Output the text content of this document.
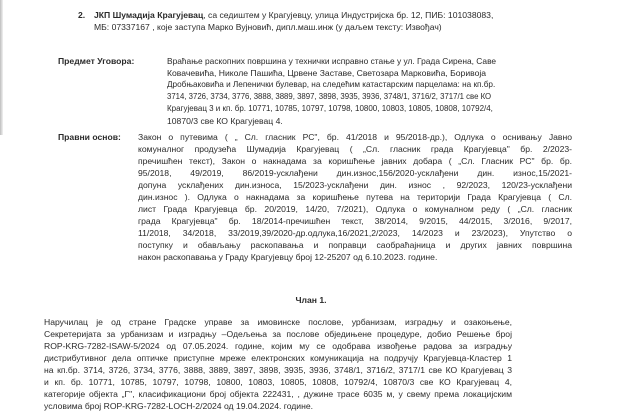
2. ЈКП Шумадија Крагујевац, са седиштем у Крагујевцу, улица Индустријска бр. 12, ПИБ: 101038083,
МБ: 07337167 , које заступа Марко Вујновић, дипл.маш.инж (у даљем тексту: Извођач)
Предмет Уговора:	Враћање раскопних површина у технички исправно стање у ул. Града Сирена, Саве
Ковачевића, Николе Пашића, Црвене Заставе, Светозара Марковића, Боривоја
Дробњаковића и Лепенички булевар, на следећим катастарским парцелама: на кп.бр.
3714, 3726, 3734, 3776, 3888, 3889, 3897, 3898, 3935, 3936, 3748/1, 3716/2, 3717/1 све КО
Крагујевац 3 и кп. бр. 10771, 10785, 10797, 10798, 10800, 10803, 10805, 10808, 10792/4,
10870/3 све КО Крагујевац 4.
Правни основ: Закон о путевима ( „ Сл. гласник РС", бр. 41/2018 и 95/2018-др.), Одлука о оснивању Јавно
комуналног продузећа Шумадија Крагујевац ( „Сл. гласник града Крагујевца" бр. 2/2023-
пречишћен текст), Закон о накнадама за коришћење јавних добара ( „Сл. Гласник РС" бр. бр.
95/2018, 49/2019, 86/2019-усклађени дин.износ,156/2020-усклађени дин. износ,15/2021-
допуна усклађених дин.износа, 15/2023-усклађени дин. износ , 92/2023, 120/23-усклађени
дин.износ ). Одлука о накнадама за коришћење путева на територији Града Крагујевца ( Сл.
лист Града Крагујевца бр. 20/2019, 14/20, 7/2021), Одлука о комуналном реду ( „Сл. гласник
града Крагујевца" бр. 18/2014-пречишћен текст, 38/2014, 9/2015, 44/2015, 3/2016, 9/2017,
11/2018, 34/2018, 33/2019,39/2020-др.одлука,16/2021,2/2023, 14/2023 и 23/2023), Упутство о
поступку и обављању раскопавања и поправци саобраћајница и других јавних површина
након раскопавања у Граду Крагујевцу број 12-25207 од 6.10.2023. године.
Члан 1.
Наручилац је од стране Градске управе за имовинске послове, урбанизам, изградњу и озакоњење,
Секретеријата за урбанизам и изградњу –Одељења за послове обједињене процедуре, добио Решење број
ROP-KRG-7282-ISAW-5/2024 од 07.05.2024. године, којим му се одобрава извођење радова за изградњу
дистрибутивног дела оптичке приступне мреже електронских комуникација на подручју Крагујевца-Кластер 1
на кп.бр. 3714, 3726, 3734, 3776, 3888, 3889, 3897, 3898, 3935, 3936, 3748/1, 3716/2, 3717/1 све КО Крагујевац 3
и кп. бр. 10771, 10785, 10797, 10798, 10800, 10803, 10805, 10808, 10792/4, 10870/3 све КО Крагујевац 4,
категорије објекта „Г", класификациони број објекта 222431, , дужине трасе 6035 м, у свему према локацијским
условима број ROP-KRG-7282-LOCH-2/2024 од 19.04.2024. године.
